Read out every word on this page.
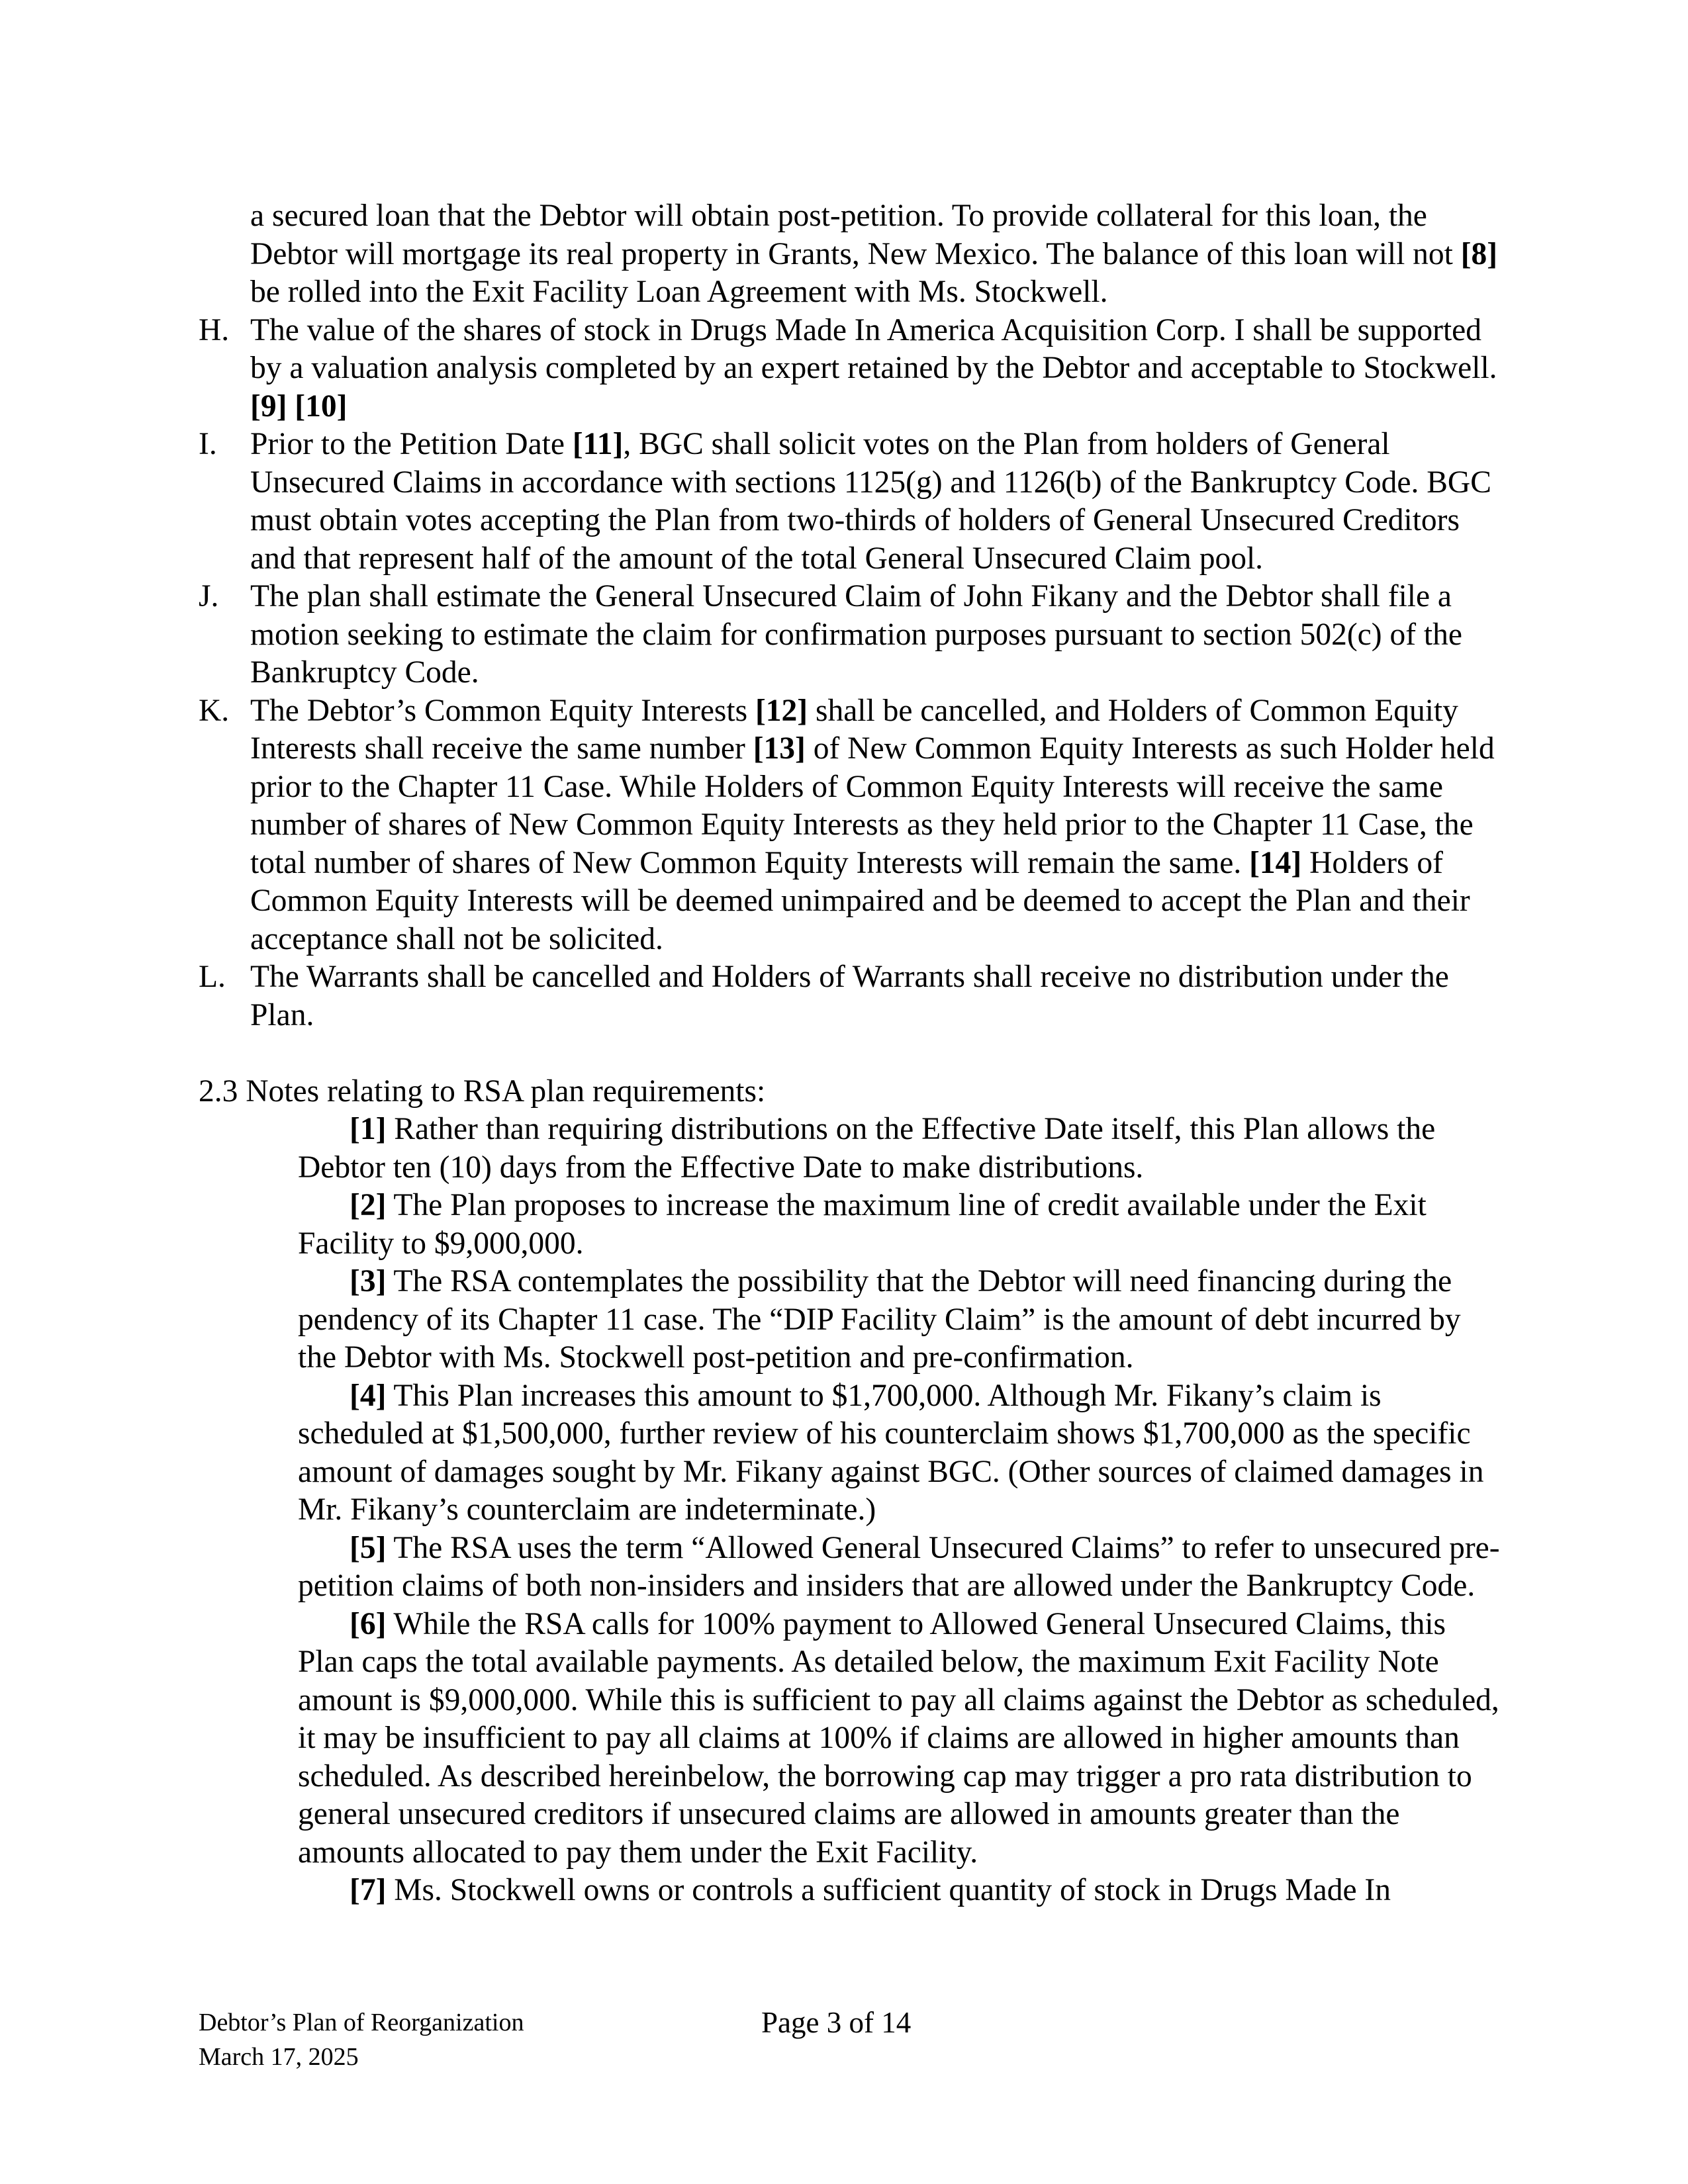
a secured loan that the Debtor will obtain post-petition. To provide collateral for this loan, the Debtor will mortgage its real property in Grants, New Mexico. The balance of this loan will not [8] be rolled into the Exit Facility Loan Agreement with Ms. Stockwell.
H. The value of the shares of stock in Drugs Made In America Acquisition Corp. I shall be supported by a valuation analysis completed by an expert retained by the Debtor and acceptable to Stockwell. [9] [10]
I.	Prior to the Petition Date [11], BGC shall solicit votes on the Plan from holders of General Unsecured Claims in accordance with sections 1125(g) and 1126(b) of the Bankruptcy Code. BGC must obtain votes accepting the Plan from two-thirds of holders of General Unsecured Creditors and that represent half of the amount of the total General Unsecured Claim pool.
J.	The plan shall estimate the General Unsecured Claim of John Fikany and the Debtor shall file a motion seeking to estimate the claim for confirmation purposes pursuant to section 502(c) of the Bankruptcy Code.
K. The Debtor’s Common Equity Interests [12] shall be cancelled, and Holders of Common Equity Interests shall receive the same number [13] of New Common Equity Interests as such Holder held prior to the Chapter 11 Case. While Holders of Common Equity Interests will receive the same number of shares of New Common Equity Interests as they held prior to the Chapter 11 Case, the total number of shares of New Common Equity Interests will remain the same. [14] Holders of Common Equity Interests will be deemed unimpaired and be deemed to accept the Plan and their acceptance shall not be solicited.
L. The Warrants shall be cancelled and Holders of Warrants shall receive no distribution under the Plan.
2.3 Notes relating to RSA plan requirements:
[1] Rather than requiring distributions on the Effective Date itself, this Plan allows the Debtor ten (10) days from the Effective Date to make distributions.
[2] The Plan proposes to increase the maximum line of credit available under the Exit Facility to $9,000,000.
[3] The RSA contemplates the possibility that the Debtor will need financing during the pendency of its Chapter 11 case. The “DIP Facility Claim” is the amount of debt incurred by the Debtor with Ms. Stockwell post-petition and pre-confirmation.
[4] This Plan increases this amount to $1,700,000. Although Mr. Fikany’s claim is scheduled at $1,500,000, further review of his counterclaim shows $1,700,000 as the specific amount of damages sought by Mr. Fikany against BGC. (Other sources of claimed damages in Mr. Fikany’s counterclaim are indeterminate.)
[5] The RSA uses the term “Allowed General Unsecured Claims” to refer to unsecured pre-petition claims of both non-insiders and insiders that are allowed under the Bankruptcy Code.
[6] While the RSA calls for 100% payment to Allowed General Unsecured Claims, this Plan caps the total available payments. As detailed below, the maximum Exit Facility Note amount is $9,000,000. While this is sufficient to pay all claims against the Debtor as scheduled, it may be insufficient to pay all claims at 100% if claims are allowed in higher amounts than scheduled. As described hereinbelow, the borrowing cap may trigger a pro rata distribution to general unsecured creditors if unsecured claims are allowed in amounts greater than the amounts allocated to pay them under the Exit Facility.
[7] Ms. Stockwell owns or controls a sufficient quantity of stock in Drugs Made In
Debtor’s Plan of Reorganization
March 17, 2025
Page 3 of 14
